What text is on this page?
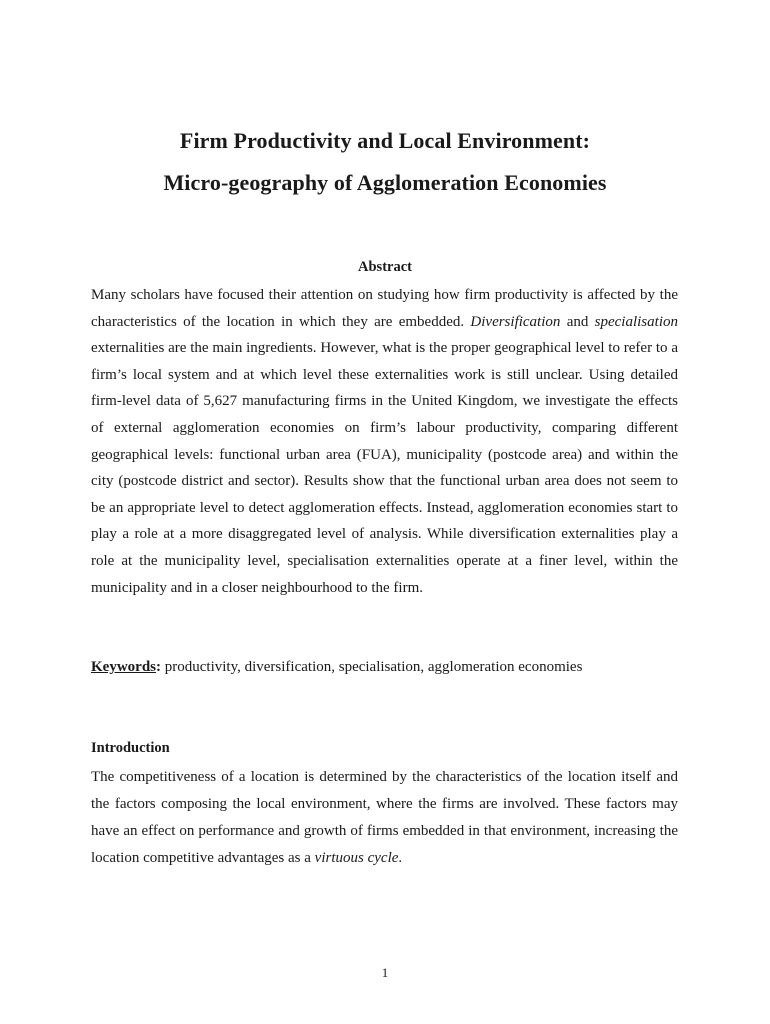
Firm Productivity and Local Environment:
Micro-geography of Agglomeration Economies
Abstract
Many scholars have focused their attention on studying how firm productivity is affected by the characteristics of the location in which they are embedded. Diversification and specialisation externalities are the main ingredients. However, what is the proper geographical level to refer to a firm’s local system and at which level these externalities work is still unclear. Using detailed firm-level data of 5,627 manufacturing firms in the United Kingdom, we investigate the effects of external agglomeration economies on firm’s labour productivity, comparing different geographical levels: functional urban area (FUA), municipality (postcode area) and within the city (postcode district and sector). Results show that the functional urban area does not seem to be an appropriate level to detect agglomeration effects. Instead, agglomeration economies start to play a role at a more disaggregated level of analysis. While diversification externalities play a role at the municipality level, specialisation externalities operate at a finer level, within the municipality and in a closer neighbourhood to the firm.
Keywords: productivity, diversification, specialisation, agglomeration economies
Introduction
The competitiveness of a location is determined by the characteristics of the location itself and the factors composing the local environment, where the firms are involved. These factors may have an effect on performance and growth of firms embedded in that environment, increasing the location competitive advantages as a virtuous cycle.
1
